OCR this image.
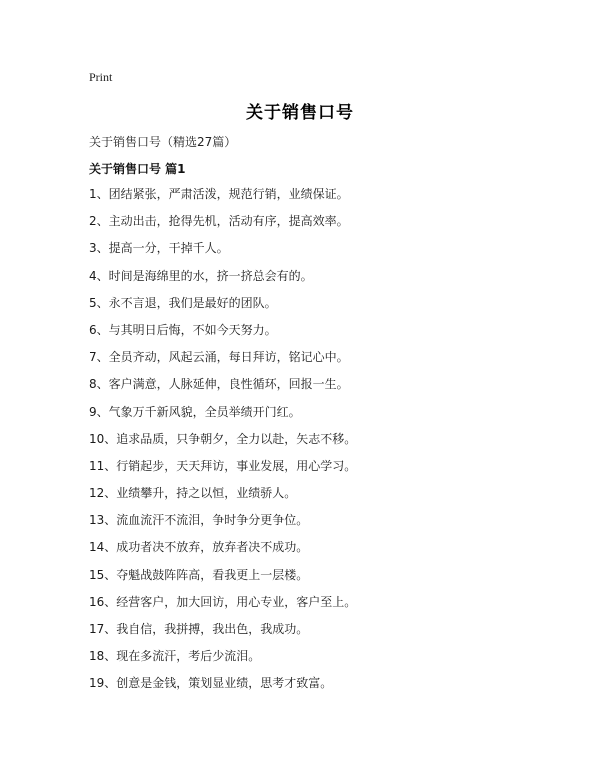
Print
关于销售口号
关于销售口号（精选27篇）
关于销售口号 篇1
1、团结紧张，严肃活泼，规范行销，业绩保证。
2、主动出击，抢得先机，活动有序，提高效率。
3、提高一分，干掉千人。
4、时间是海绵里的水，挤一挤总会有的。
5、永不言退，我们是最好的团队。
6、与其明日后悔，不如今天努力。
7、全员齐动，风起云涌，每日拜访，铭记心中。
8、客户满意，人脉延伸，良性循环，回报一生。
9、气象万千新风貌，全员举绩开门红。
10、追求品质，只争朝夕，全力以赴，矢志不移。
11、行销起步，天天拜访，事业发展，用心学习。
12、业绩攀升，持之以恒，业绩骄人。
13、流血流汗不流泪，争时争分更争位。
14、成功者决不放弃，放弃者决不成功。
15、夺魁战鼓阵阵高，看我更上一层楼。
16、经营客户，加大回访，用心专业，客户至上。
17、我自信，我拼搏，我出色，我成功。
18、现在多流汗，考后少流泪。
19、创意是金钱，策划显业绩，思考才致富。
